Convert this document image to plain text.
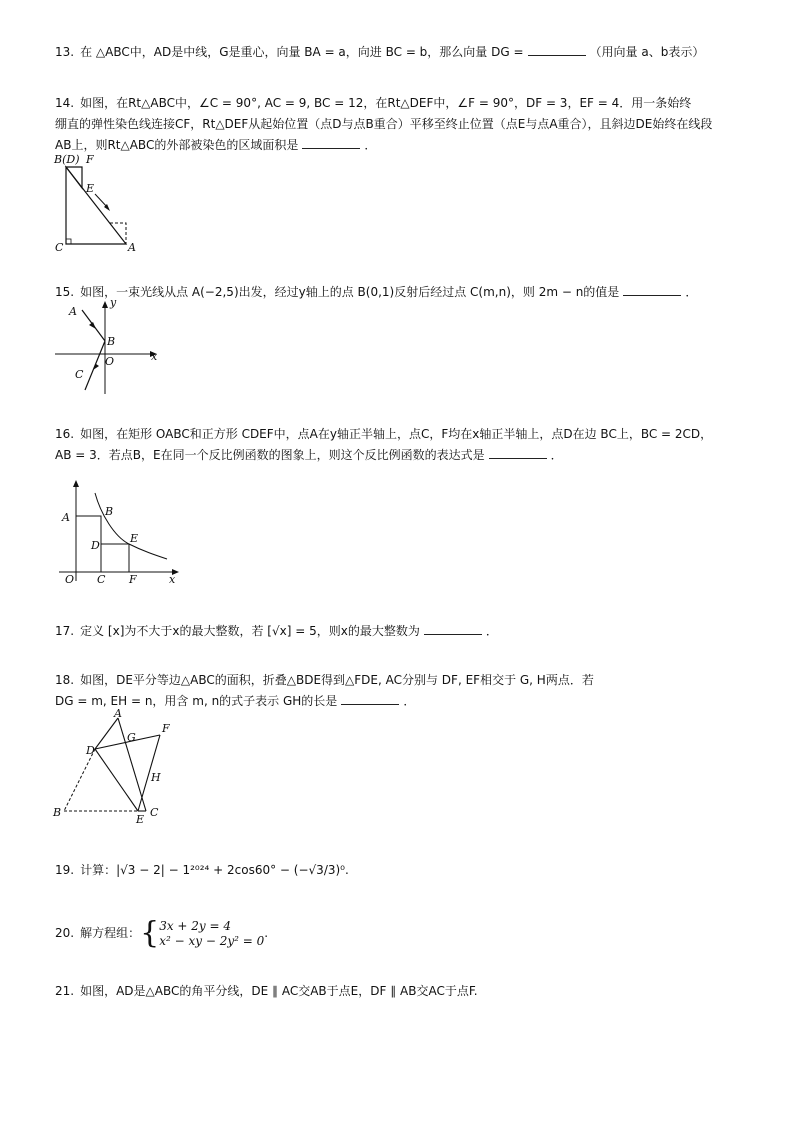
13. 在 △ABC中，AD是中线，G是重心，向量 BA = a，向进 BC = b，那么向量 DG =	（用向量 a、b表示）
14. 如图，在Rt△ABC中，∠C = 90°, AC = 9, BC = 12，在Rt△DEF中，∠F = 90°，DF = 3，EF = 4．用一条始终
绷直的弹性染色线连接CF，Rt△DEF从起始位置（点D与点B重合）平移至终止位置（点E与点A重合），且斜边DE始终在线段
AB上，则Rt△ABC的外部被染色的区域面积是	．
B(D) F
E
C	A
15. 如图，一束光线从点 A(−2,5)出发，经过y轴上的点 B(0,1)反射后经过点 C(m,n)，则 2m − n的值是	．
A
B
C
O	x
y
16. 如图，在矩形 OABC和正方形 CDEF中，点A在y轴正半轴上，点C，F均在x轴正半轴上，点D在边 BC上，BC = 2CD，
AB = 3．若点B，E在同一个反比例函数的图象上，则这个反比例函数的表达式是	．
A	B
D
E
O C F	x
17. 定义 [x]为不大于x的最大整数，若 [√x] = 5，则x的最大整数为	．
18. 如图，DE平分等边△ABC的面积，折叠△BDE得到△FDE, AC分别与 DF, EF相交于 G, H两点．若
DG = m, EH = n，用含 m, n的式子表示 GH的长是	．
A
G
F
D
H
B
E
C
19. 计算：|√3 − 2| − 1²⁰²⁴ + 2cos60° − (−√3/3)⁰.
20. 解方程组：{ 3x + 2y = 4
x² − xy − 2y² = 0
.
21. 如图，AD是△ABC的角平分线，DE ∥ AC交AB于点E，DF ∥ AB交AC于点F.
